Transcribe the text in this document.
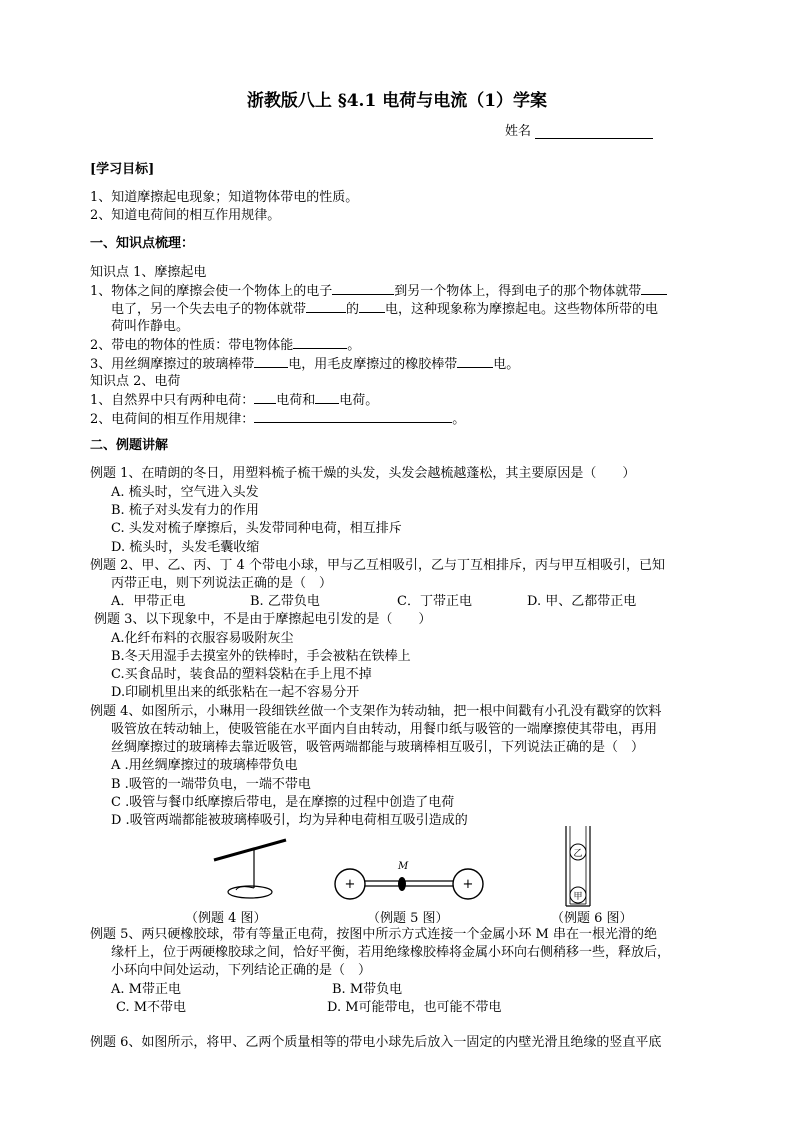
浙教版八上 §4.1 电荷与电流（1）学案
姓名
[学习目标]
1、知道摩擦起电现象；知道物体带电的性质。
2、知道电荷间的相互作用规律。
一、知识点梳理：
知识点 1、摩擦起电
1、物体之间的摩擦会使一个物体上的电子	到另一个物体上，得到电子的那个物体就带
电了，另一个失去电子的物体就带	的 电，这种现象称为摩擦起电。这些物体所带的电
荷叫作静电。
2、带电的物体的性质：带电物体能	。
3、用丝绸摩擦过的玻璃棒带	电，用毛皮摩擦过的橡胶棒带	电。
知识点 2、电荷
1、自然界中只有两种电荷： 电荷和 电荷。
2、电荷间的相互作用规律：	。
二、例题讲解
例题 1、在晴朗的冬日，用塑料梳子梳干燥的头发，头发会越梳越蓬松，其主要原因是（　　）
A. 梳头时，空气进入头发
B. 梳子对头发有力的作用
C. 头发对梳子摩擦后，头发带同种电荷，相互排斥
D. 梳头时，头发毛囊收缩
例题 2、甲、乙、丙、丁 4 个带电小球，甲与乙互相吸引，乙与丁互相排斥，丙与甲互相吸引，已知
丙带正电，则下列说法正确的是（　）
A．甲带正电	B. 乙带负电	C．丁带正电	D. 甲、乙都带正电
例题 3、以下现象中，不是由于摩擦起电引发的是（　　）
A.化纤布料的衣服容易吸附灰尘
B.冬天用湿手去摸室外的铁棒时，手会被粘在铁棒上
C.买食品时，装食品的塑料袋粘在手上甩不掉
D.印刷机里出来的纸张粘在一起不容易分开
例题 4、如图所示，小琳用一段细铁丝做一个支架作为转动轴，把一根中间戳有小孔没有戳穿的饮料
吸管放在转动轴上，使吸管能在水平面内自由转动，用餐巾纸与吸管的一端摩擦使其带电，再用
丝绸摩擦过的玻璃棒去靠近吸管，吸管两端都能与玻璃棒相互吸引，下列说法正确的是（　）
A .用丝绸摩擦过的玻璃棒带负电
B .吸管的一端带负电，一端不带电
C .吸管与餐巾纸摩擦后带电，是在摩擦的过程中创造了电荷
D .吸管两端都能被玻璃棒吸引，均为异种电荷相互吸引造成的
+	+
M
乙
甲
（例题 4 图）	（例题 5 图）	（例题 6 图）
例题 5、两只硬橡胶球，带有等量正电荷，按图中所示方式连接一个金属小环 M 串在一根光滑的绝
缘杆上，位于两硬橡胶球之间，恰好平衡，若用绝缘橡胶棒将金属小环向右侧稍移一些，释放后，
小环向中间处运动，下列结论正确的是（　）
A. M带正电	B. M带负电
C. M不带电	D. M可能带电，也可能不带电
例题 6、如图所示，将甲、乙两个质量相等的带电小球先后放入一固定的内壁光滑且绝缘的竖直平底
